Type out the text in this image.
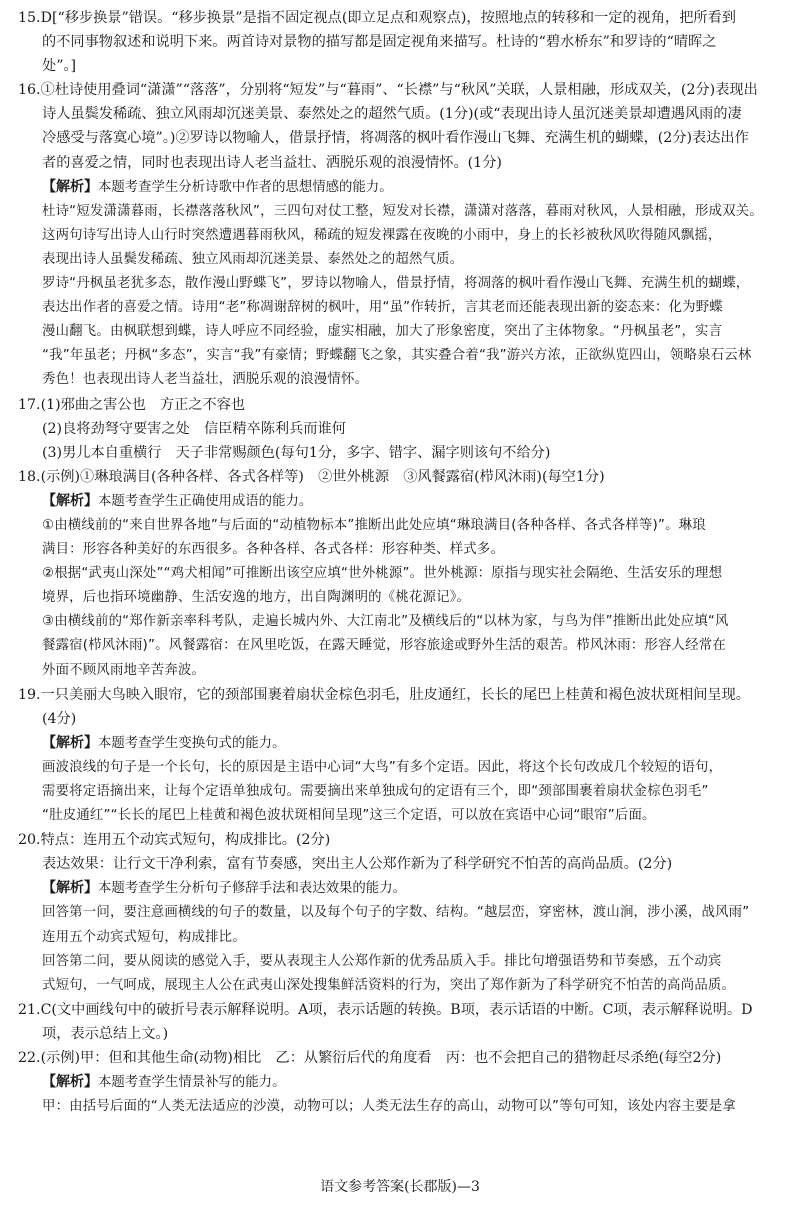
15.D[“移步换景”错误。“移步换景”是指不固定视点(即立足点和观察点)，按照地点的转移和一定的视角，把所看到
的不同事物叙述和说明下来。两首诗对景物的描写都是固定视角来描写。杜诗的“碧水桥东”和罗诗的“晴晖之
处”。]
16.①杜诗使用叠词“潇潇”“落落”，分别将“短发”与“暮雨”、“长襟”与“秋风”关联，人景相融，形成双关，(2分)表现出
诗人虽鬓发稀疏、独立风雨却沉迷美景、泰然处之的超然气质。(1分)(或“表现出诗人虽沉迷美景却遭遇风雨的凄
冷感受与落寞心境”。)②罗诗以物喻人，借景抒情，将凋落的枫叶看作漫山飞舞、充满生机的蝴蝶，(2分)表达出作
者的喜爱之情，同时也表现出诗人老当益壮、洒脱乐观的浪漫情怀。(1分)
【解析】本题考查学生分析诗歌中作者的思想情感的能力。
杜诗“短发潇潇暮雨，长襟落落秋风”，三四句对仗工整，短发对长襟，潇潇对落落，暮雨对秋风，人景相融，形成双关。
这两句诗写出诗人山行时突然遭遇暮雨秋风，稀疏的短发裸露在夜晚的小雨中，身上的长衫被秋风吹得随风飘摇，
表现出诗人虽鬓发稀疏、独立风雨却沉迷美景、泰然处之的超然气质。
罗诗“丹枫虽老犹多态，散作漫山野蝶飞”，罗诗以物喻人，借景抒情，将凋落的枫叶看作漫山飞舞、充满生机的蝴蝶，
表达出作者的喜爱之情。诗用“老”称凋谢辞树的枫叶，用“虽”作转折，言其老而还能表现出新的姿态来：化为野蝶
漫山翻飞。由枫联想到蝶，诗人呼应不同经验，虚实相融，加大了形象密度，突出了主体物象。“丹枫虽老”，实言
“我”年虽老；丹枫“多态”，实言“我”有豪情；野蝶翻飞之象，其实叠合着“我”游兴方浓，正欲纵览四山，领略泉石云林
秀色！也表现出诗人老当益壮，洒脱乐观的浪漫情怀。
17.(1)邪曲之害公也　方正之不容也
(2)良将劲弩守要害之处　信臣精卒陈利兵而谁何
(3)男儿本自重横行　天子非常赐颜色(每句1分，多字、错字、漏字则该句不给分)
18.(示例)①琳琅满目(各种各样、各式各样等)　②世外桃源　③风餐露宿(栉风沐雨)(每空1分)
【解析】本题考查学生正确使用成语的能力。
①由横线前的“来自世界各地”与后面的“动植物标本”推断出此处应填“琳琅满目(各种各样、各式各样等)”。琳琅
满目：形容各种美好的东西很多。各种各样、各式各样：形容种类、样式多。
②根据“武夷山深处”“鸡犬相闻”可推断出该空应填“世外桃源”。世外桃源：原指与现实社会隔绝、生活安乐的理想
境界，后也指环境幽静、生活安逸的地方，出自陶渊明的《桃花源记》。
③由横线前的“郑作新亲率科考队，走遍长城内外、大江南北”及横线后的“以林为家，与鸟为伴”推断出此处应填“风
餐露宿(栉风沐雨)”。风餐露宿：在风里吃饭，在露天睡觉，形容旅途或野外生活的艰苦。栉风沐雨：形容人经常在
外面不顾风雨地辛苦奔波。
19.一只美丽大鸟映入眼帘，它的颈部围裹着扇状金棕色羽毛，肚皮通红，长长的尾巴上桂黄和褐色波状斑相间呈现。
(4分)
【解析】本题考查学生变换句式的能力。
画波浪线的句子是一个长句，长的原因是主语中心词“大鸟”有多个定语。因此，将这个长句改成几个较短的语句，
需要将定语摘出来，让每个定语单独成句。需要摘出来单独成句的定语有三个，即“颈部围裹着扇状金棕色羽毛”
“肚皮通红”“长长的尾巴上桂黄和褐色波状斑相间呈现”这三个定语，可以放在宾语中心词“眼帘”后面。
20.特点：连用五个动宾式短句，构成排比。(2分)
表达效果：让行文干净利索，富有节奏感，突出主人公郑作新为了科学研究不怕苦的高尚品质。(2分)
【解析】本题考查学生分析句子修辞手法和表达效果的能力。
回答第一问，要注意画横线的句子的数量，以及每个句子的字数、结构。“越层峦，穿密林，渡山涧，涉小溪，战风雨”
连用五个动宾式短句，构成排比。
回答第二问，要从阅读的感觉入手，要从表现主人公郑作新的优秀品质入手。排比句增强语势和节奏感，五个动宾
式短句，一气呵成，展现主人公在武夷山深处搜集鲜活资料的行为，突出了郑作新为了科学研究不怕苦的高尚品质。
21.C(文中画线句中的破折号表示解释说明。A项，表示话题的转换。B项，表示话语的中断。C项，表示解释说明。D
项，表示总结上文。)
22.(示例)甲：但和其他生命(动物)相比　乙：从繁衍后代的角度看　丙：也不会把自己的猎物赶尽杀绝(每空2分)
【解析】本题考查学生情景补写的能力。
甲：由括号后面的“人类无法适应的沙漠，动物可以；人类无法生存的高山，动物可以”等句可知，该处内容主要是拿
语文参考答案(长郡版)—3
